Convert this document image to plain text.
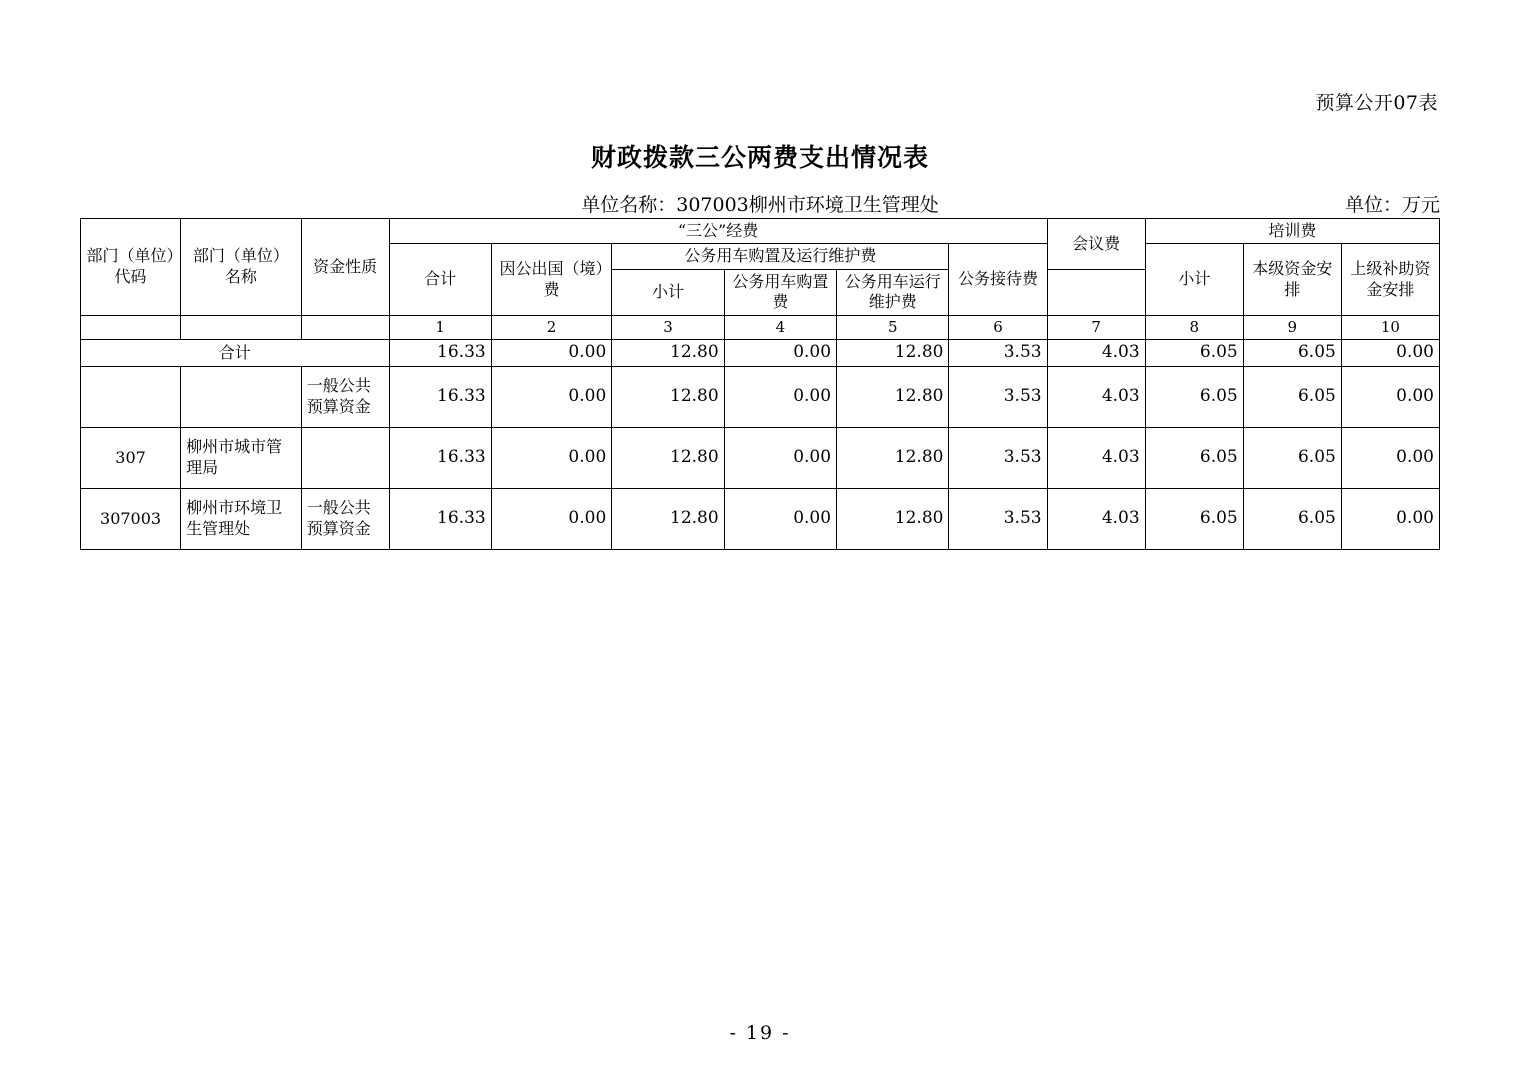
预算公开07表
财政拨款三公两费支出情况表
单位名称：307003柳州市环境卫生管理处	单位：万元
部门（单位）代码	部门（单位）名称	资金性质	“三公”经费						会议费	培训费		
			合计	因公出国（境）费	公务用车购置及运行维护费			公务接待费		小计	本级资金安排	上级补助资金安排
					小计	公务用车购置费	公务用车运行维护费					
			1	2	3	4	5	6	7	8	9	10
合计			16.33	0.00	12.80	0.00	12.80	3.53	4.03	6.05	6.05	0.00
		一般公共预算资金	16.33	0.00	12.80	0.00	12.80	3.53	4.03	6.05	6.05	0.00
307	柳州市城市管理局		16.33	0.00	12.80	0.00	12.80	3.53	4.03	6.05	6.05	0.00
307003	柳州市环境卫生管理处	一般公共预算资金	16.33	0.00	12.80	0.00	12.80	3.53	4.03	6.05	6.05	0.00
- 19 -
